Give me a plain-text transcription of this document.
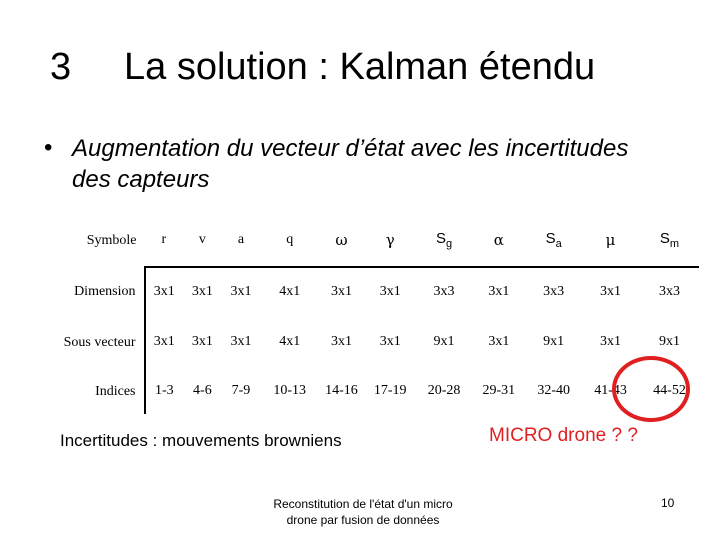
3 La solution : Kalman étendu
• Augmentation du vecteur d’état avec les incertitudes des capteurs
Symbole	r	v	a	q	ω	γ	$S_g$	α	$S_a$	μ	$S_m$
Dimension	3x1	3x1	3x1	4x1	3x1	3x1	3x3	3x1	3x3	3x1	3x3
Sous vecteur	3x1	3x1	3x1	4x1	3x1	3x1	9x1	3x1	9x1	3x1	9x1
Indices	1-3	4-6	7-9	10-13	14-16	17-19	20-28	29-31	32-40	41-43	44-52
Incertitudes : mouvements browniens	MICRO drone ? ?
Reconstitution de l'état d'un micro
drone par fusion de données
10
